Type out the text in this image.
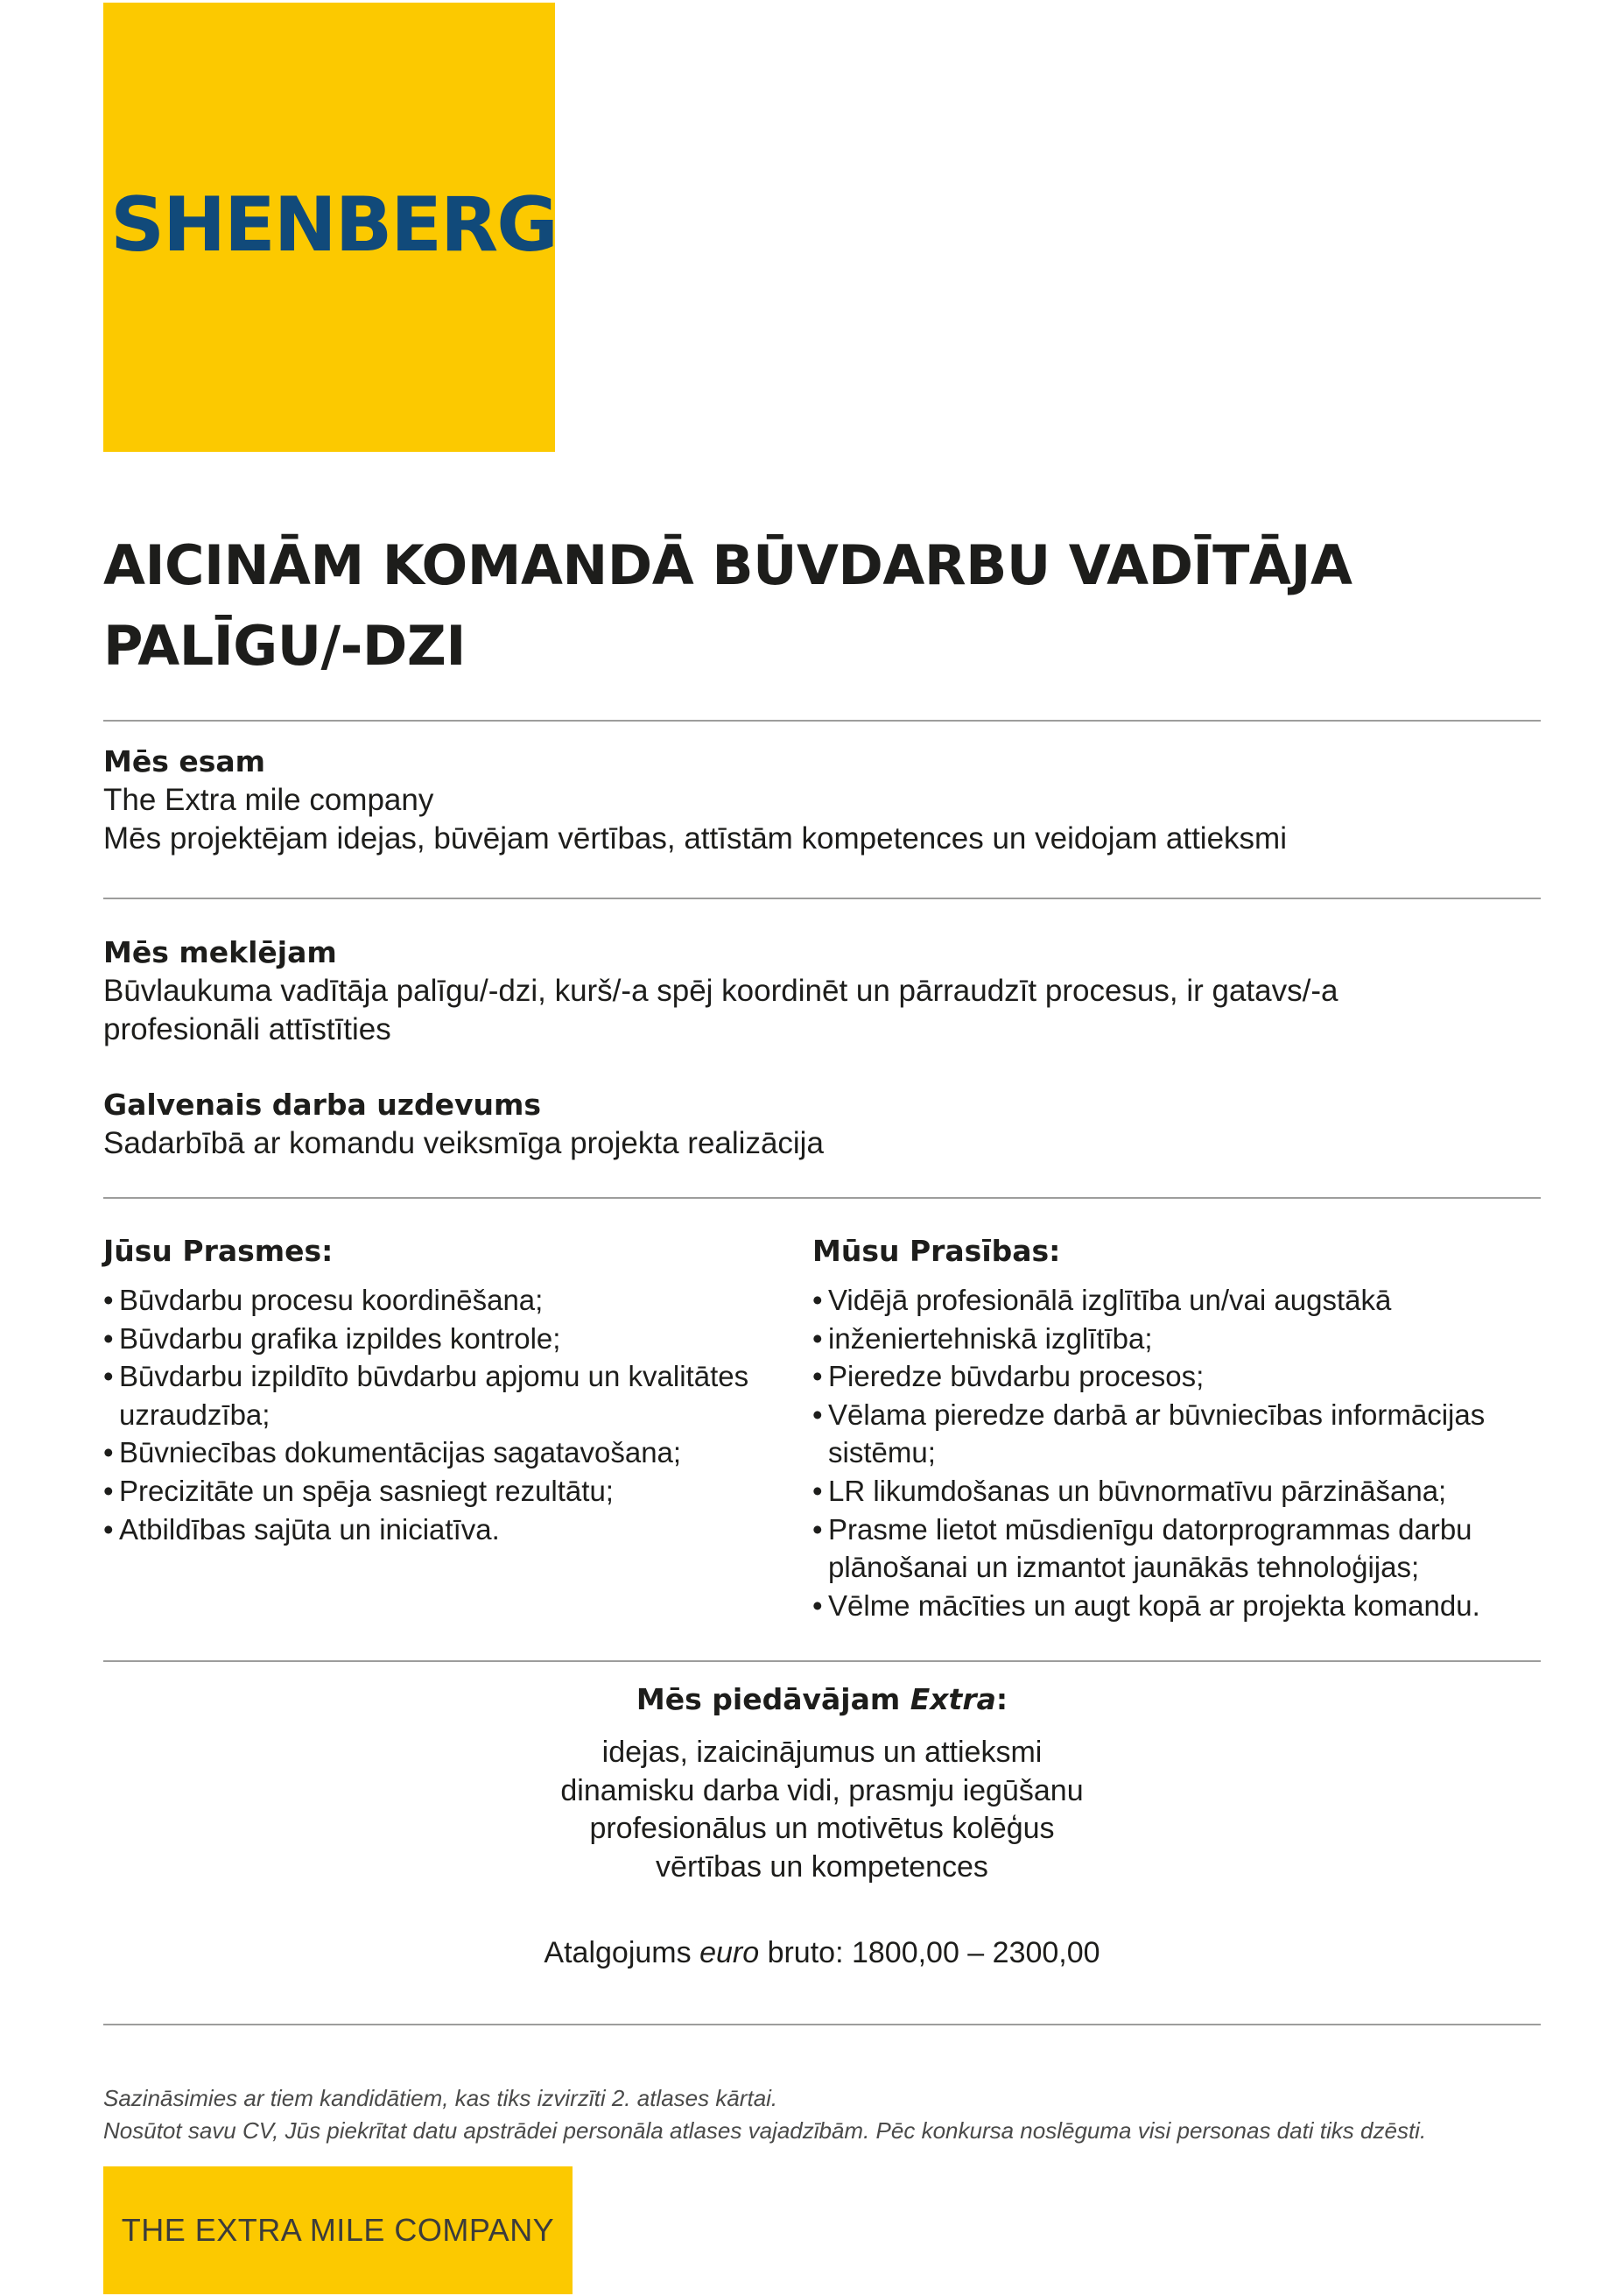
SHENBERG
AICINĀM KOMANDĀ BŪVDARBU VADĪTĀJA
PALĪGU/-DZI
Mēs esam

The Extra mile company

Mēs projektējam idejas, būvējam vērtības, attīstām kompetences un veidojam attieksmi

Mēs meklējam

Būvlaukuma vadītāja palīgu/-dzi, kurš/-a spēj koordinēt un pārraudzīt procesus, ir gatavs/-a

profesionāli attīstīties

Galvenais darba uzdevums

Sadarbībā ar komandu veiksmīga projekta realizācija

Jūsu Prasmes:
• Būvdarbu procesu koordinēšana;
• Būvdarbu grafika izpildes kontrole;
• Būvdarbu izpildīto būvdarbu apjomu un kvalitātes uzraudzība;
• Būvniecības dokumentācijas sagatavošana;
• Precizitāte un spēja sasniegt rezultātu;
• Atbildības sajūta un iniciatīva.
Mūsu Prasības:
• Vidējā profesionālā izglītība un/vai augstākā
• inženiertehniskā izglītība;
• Pieredze būvdarbu procesos;
• Vēlama pieredze darbā ar būvniecības informācijas sistēmu;
• LR likumdošanas un būvnormatīvu pārzināšana;
• Prasme lietot mūsdienīgu datorprogrammas darbu plānošanai un izmantot jaunākās tehnoloģijas;
• Vēlme mācīties un augt kopā ar projekta komandu.
Mēs piedāvājam Extra:
idejas, izaicinājumus un attieksmi
dinamisku darba vidi, prasmju iegūšanu
profesionālus un motivētus kolēģus
vērtības un kompetences
Atalgojums euro bruto: 1800,00 – 2300,00
Sazināsimies ar tiem kandidātiem, kas tiks izvirzīti 2. atlases kārtai.
Nosūtot savu CV, Jūs piekrītat datu apstrādei personāla atlases vajadzībām. Pēc konkursa noslēguma visi personas dati tiks dzēsti.
THE EXTRA MILE COMPANY
